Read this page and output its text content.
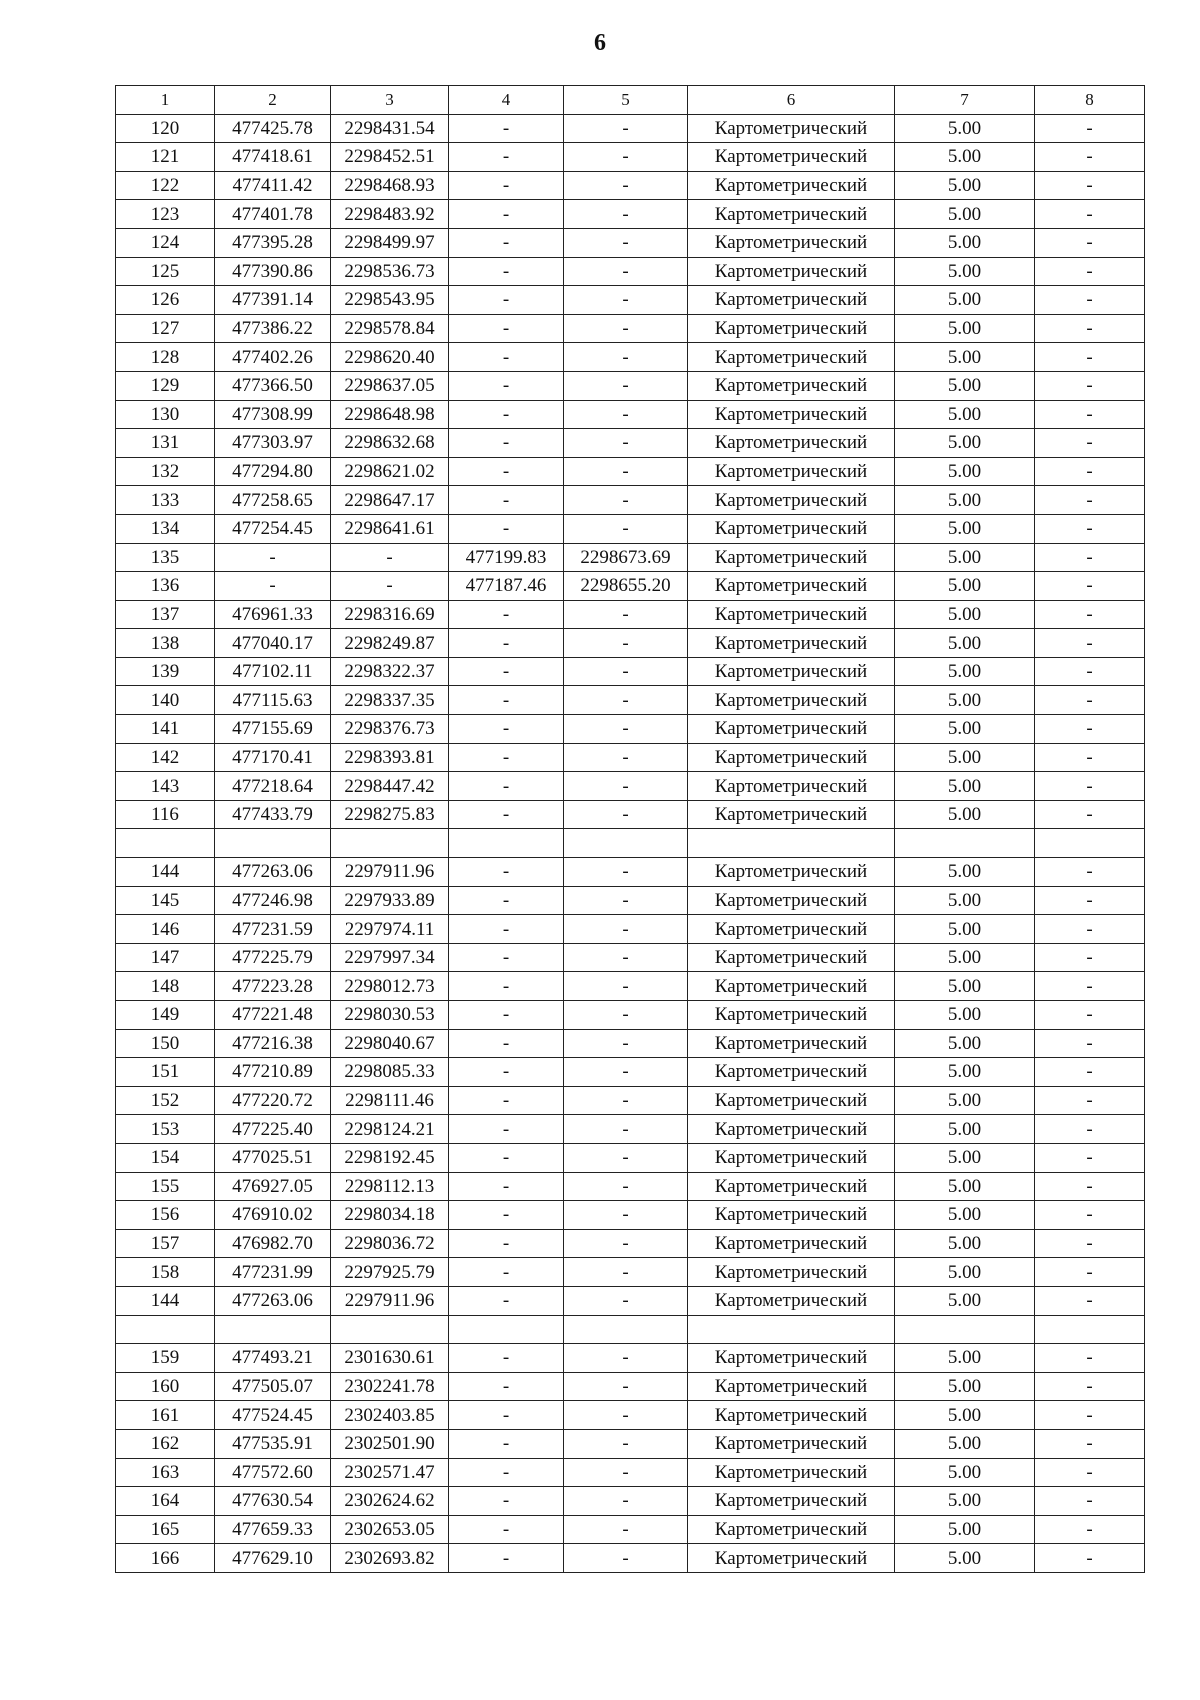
6
1	2	3	4	5	6	7	8
120	477425.78	2298431.54	-	-	Картометрический	5.00	-
121	477418.61	2298452.51	-	-	Картометрический	5.00	-
122	477411.42	2298468.93	-	-	Картометрический	5.00	-
123	477401.78	2298483.92	-	-	Картометрический	5.00	-
124	477395.28	2298499.97	-	-	Картометрический	5.00	-
125	477390.86	2298536.73	-	-	Картометрический	5.00	-
126	477391.14	2298543.95	-	-	Картометрический	5.00	-
127	477386.22	2298578.84	-	-	Картометрический	5.00	-
128	477402.26	2298620.40	-	-	Картометрический	5.00	-
129	477366.50	2298637.05	-	-	Картометрический	5.00	-
130	477308.99	2298648.98	-	-	Картометрический	5.00	-
131	477303.97	2298632.68	-	-	Картометрический	5.00	-
132	477294.80	2298621.02	-	-	Картометрический	5.00	-
133	477258.65	2298647.17	-	-	Картометрический	5.00	-
134	477254.45	2298641.61	-	-	Картометрический	5.00	-
135	-	-	477199.83	2298673.69	Картометрический	5.00	-
136	-	-	477187.46	2298655.20	Картометрический	5.00	-
137	476961.33	2298316.69	-	-	Картометрический	5.00	-
138	477040.17	2298249.87	-	-	Картометрический	5.00	-
139	477102.11	2298322.37	-	-	Картометрический	5.00	-
140	477115.63	2298337.35	-	-	Картометрический	5.00	-
141	477155.69	2298376.73	-	-	Картометрический	5.00	-
142	477170.41	2298393.81	-	-	Картометрический	5.00	-
143	477218.64	2298447.42	-	-	Картометрический	5.00	-
116	477433.79	2298275.83	-	-	Картометрический	5.00	-

144	477263.06	2297911.96	-	-	Картометрический	5.00	-
145	477246.98	2297933.89	-	-	Картометрический	5.00	-
146	477231.59	2297974.11	-	-	Картометрический	5.00	-
147	477225.79	2297997.34	-	-	Картометрический	5.00	-
148	477223.28	2298012.73	-	-	Картометрический	5.00	-
149	477221.48	2298030.53	-	-	Картометрический	5.00	-
150	477216.38	2298040.67	-	-	Картометрический	5.00	-
151	477210.89	2298085.33	-	-	Картометрический	5.00	-
152	477220.72	2298111.46	-	-	Картометрический	5.00	-
153	477225.40	2298124.21	-	-	Картометрический	5.00	-
154	477025.51	2298192.45	-	-	Картометрический	5.00	-
155	476927.05	2298112.13	-	-	Картометрический	5.00	-
156	476910.02	2298034.18	-	-	Картометрический	5.00	-
157	476982.70	2298036.72	-	-	Картометрический	5.00	-
158	477231.99	2297925.79	-	-	Картометрический	5.00	-
144	477263.06	2297911.96	-	-	Картометрический	5.00	-

159	477493.21	2301630.61	-	-	Картометрический	5.00	-
160	477505.07	2302241.78	-	-	Картометрический	5.00	-
161	477524.45	2302403.85	-	-	Картометрический	5.00	-
162	477535.91	2302501.90	-	-	Картометрический	5.00	-
163	477572.60	2302571.47	-	-	Картометрический	5.00	-
164	477630.54	2302624.62	-	-	Картометрический	5.00	-
165	477659.33	2302653.05	-	-	Картометрический	5.00	-
166	477629.10	2302693.82	-	-	Картометрический	5.00	-
